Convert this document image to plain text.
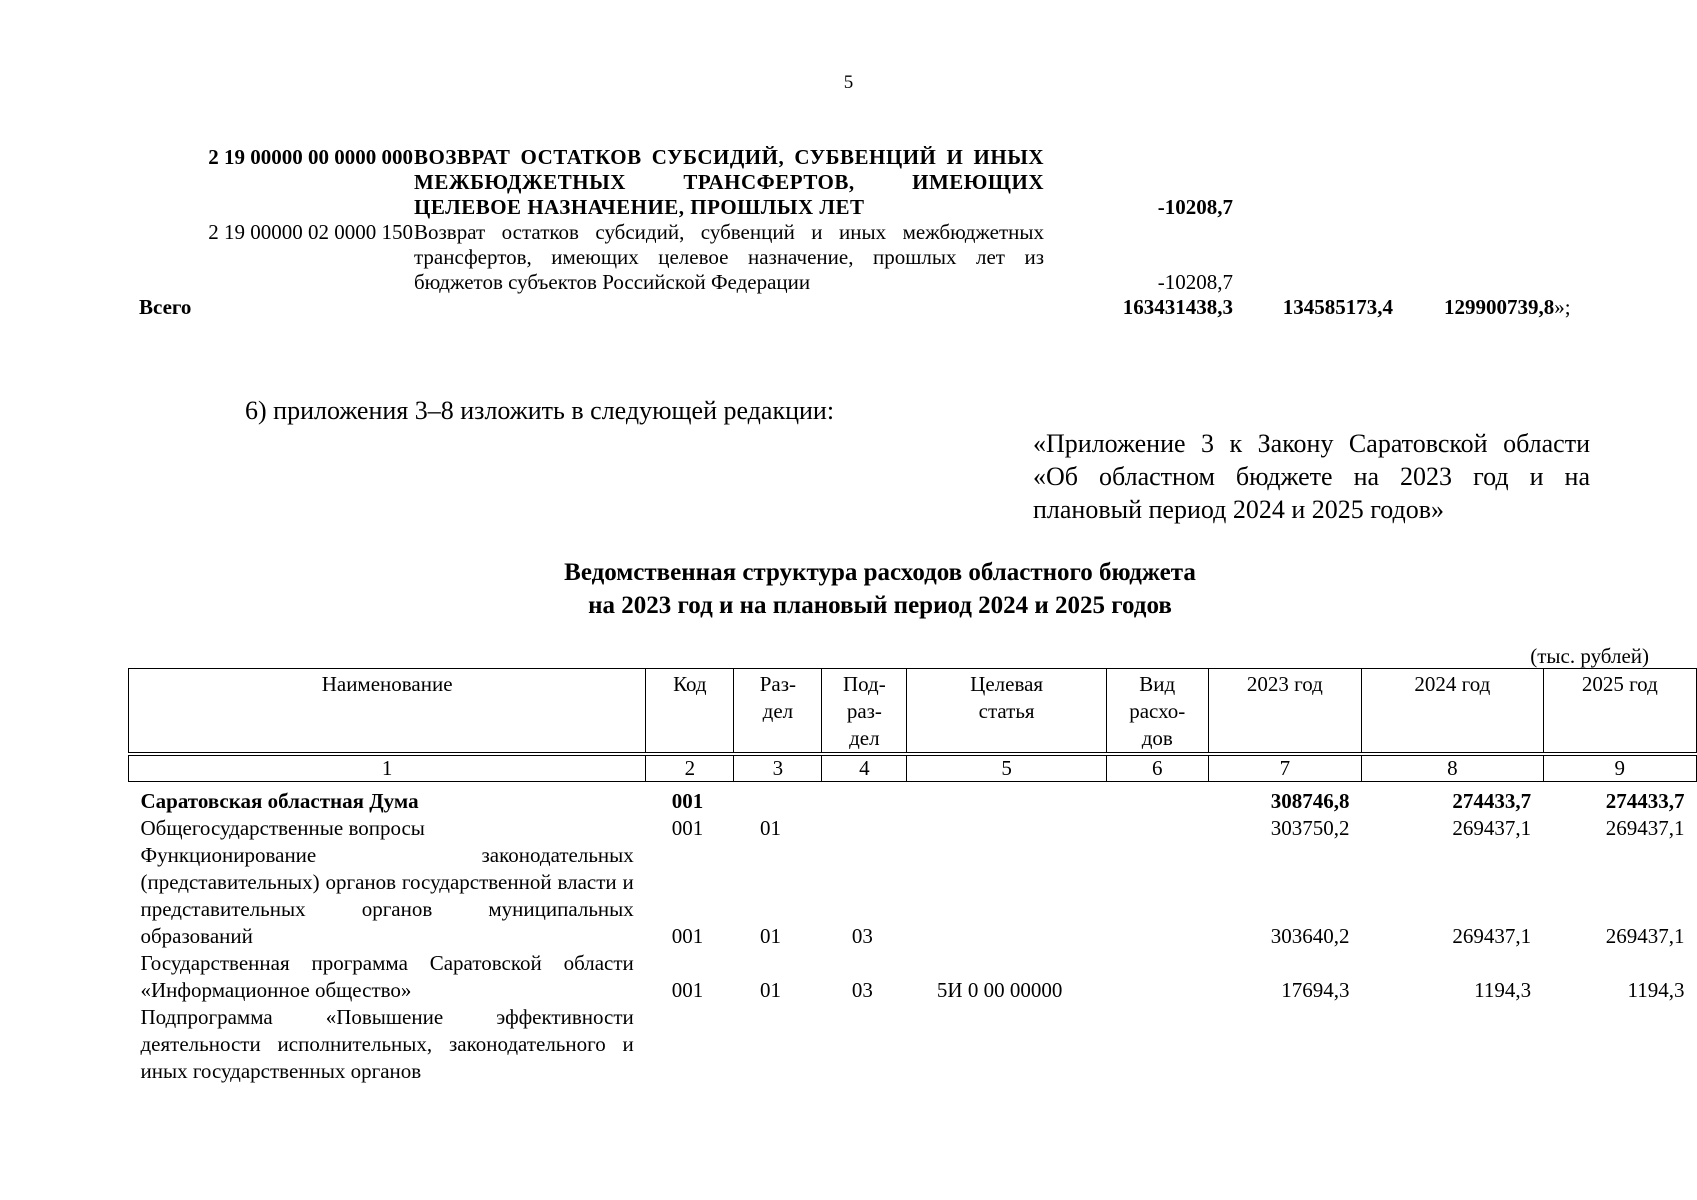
5
2 19 00000 00 0000 000 ВОЗВРАТ ОСТАТКОВ СУБСИДИЙ, СУБВЕНЦИЙ И ИНЫХ МЕЖБЮДЖЕТНЫХ ТРАНСФЕРТОВ, ИМЕЮЩИХ ЦЕЛЕВОЕ НАЗНАЧЕНИЕ, ПРОШЛЫХ ЛЕТ	-10208,7
2 19 00000 02 0000 150 Возврат остатков субсидий, субвенций и иных межбюджетных трансфертов, имеющих целевое назначение, прошлых лет из бюджетов субъектов Российской Федерации	-10208,7
Всего	163431438,3	134585173,4 129900739,8»;
6) приложения 3–8 изложить в следующей редакции:
«Приложение 3 к Закону Саратовской области «Об областном бюджете на 2023 год и на плановый период 2024 и 2025 годов»
Ведомственная структура расходов областного бюджета
на 2023 год и на плановый период 2024 и 2025 годов
(тыс. рублей)
Наименование	Код	Раз-дел	Под-раз-дел	Целевая статья	Вид расхо-дов	2023 год	2024 год	2025 год
1	2	3	4	5	6	7	8	9
Саратовская областная Дума	001					308746,8	274433,7	274433,7
Общегосударственные вопросы	001	01				303750,2	269437,1	269437,1
Функционирование законодательных (представительных) органов государственной власти и представительных органов муниципальных образований	001	01	03			303640,2	269437,1	269437,1
Государственная программа Саратовской области «Информационное общество»	001	01	03	5И 0 00 00000		17694,3	1194,3	1194,3
Подпрограмма «Повышение эффективности деятельности исполнительных, законодательного и иных государственных органов								
